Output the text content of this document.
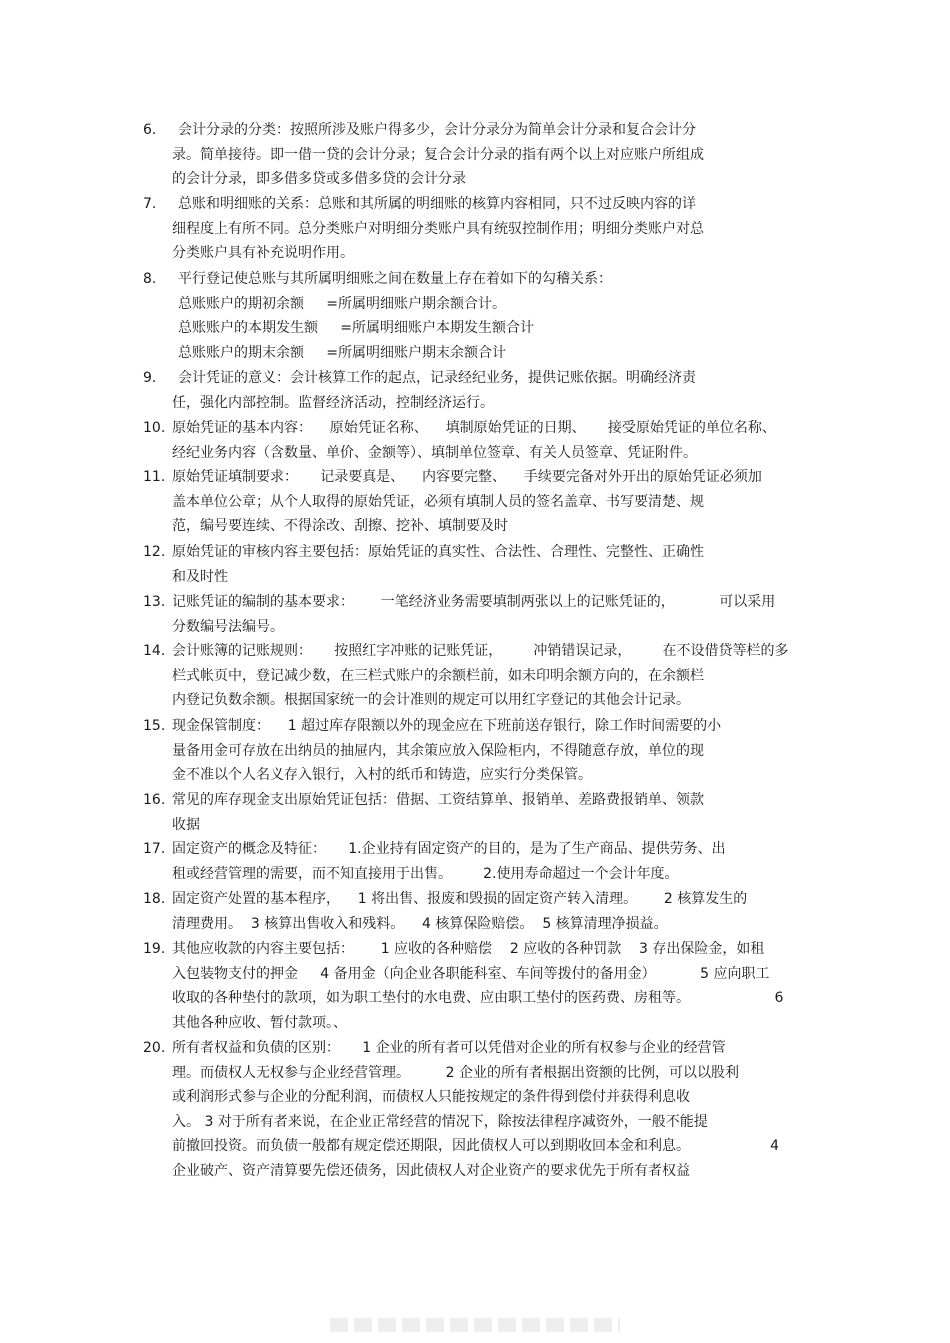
6. 会计分录的分类：按照所涉及账户得多少，会计分录分为简单会计分录和复合会计分
录。简单接待。即一借一贷的会计分录；复合会计分录的指有两个以上对应账户所组成
的会计分录，即多借多贷或多借多贷的会计分录
7. 总账和明细账的关系：总账和其所属的明细账的核算内容相同，只不过反映内容的详
细程度上有所不同。总分类账户对明细分类账户具有统驭控制作用；明细分类账户对总
分类账户具有补充说明作用。
8. 平行登记使总账与其所属明细账之间在数量上存在着如下的勾稽关系：
总账账户的期初余额     =所属明细账户期余额合计。
总账账户的本期发生额     =所属明细账户本期发生额合计
总账账户的期末余额     =所属明细账户期末余额合计
9. 会计凭证的意义：会计核算工作的起点，记录经纪业务，提供记账依据。明确经济责
任，强化内部控制。监督经济活动，控制经济运行。
10. 原始凭证的基本内容：    原始凭证名称、    填制原始凭证的日期、     接受原始凭证的单位名称、
经纪业务内容（含数量、单价、金额等）、填制单位签章、有关人员签章、凭证附件。
11. 原始凭证填制要求：     记录要真是、    内容要完整、    手续要完备对外开出的原始凭证必须加
盖本单位公章；从个人取得的原始凭证，必须有填制人员的签名盖章、书写要清楚、规
范，编号要连续、不得涂改、刮擦、挖补、填制要及时
12. 原始凭证的审核内容主要包括：原始凭证的真实性、合法性、合理性、完整性、正确性
和及时性
13. 记账凭证的编制的基本要求：      一笔经济业务需要填制两张以上的记账凭证的，          可以采用
分数编号法编号。
14. 会计账簿的记账规则：     按照红字冲账的记账凭证，       冲销错误记录，       在不设借贷等栏的多
栏式帐页中，登记减少数，在三栏式账户的余额栏前，如未印明余额方向的，在余额栏
内登记负数余额。根据国家统一的会计准则的规定可以用红字登记的其他会计记录。
15. 现金保管制度：    1 超过库存限额以外的现金应在下班前送存银行，除工作时间需要的小
量备用金可存放在出纳员的抽屉内，其余策应放入保险柜内，不得随意存放，单位的现
金不准以个人名义存入银行，入村的纸币和铸造，应实行分类保管。
16. 常见的库存现金支出原始凭证包括：借据、工资结算单、报销单、差路费报销单、领款
收据
17. 固定资产的概念及特征：     1.企业持有固定资产的目的，是为了生产商品、提供劳务、出
租或经营管理的需要，而不知直接用于出售。       2.使用寿命超过一个会计年度。
18. 固定资产处置的基本程序，    1 将出售、报废和毁损的固定资产转入清理。      2 核算发生的
清理费用。  3 核算出售收入和残料。    4 核算保险赔偿。  5 核算清理净损益。
19. 其他应收款的内容主要包括：      1 应收的各种赔偿    2 应收的各种罚款    3 存出保险金，如租
入包装物支付的押金     4 备用金（向企业各职能科室、车间等拨付的备用金）          5 应向职工
收取的各种垫付的款项，如为职工垫付的水电费、应由职工垫付的医药费、房租等。                   6
其他各种应收、暂付款项。、
20. 所有者权益和负债的区别：     1 企业的所有者可以凭借对企业的所有权参与企业的经营管
理。而债权人无权参与企业经营管理。        2 企业的所有者根据出资额的比例，可以以股利
或利润形式参与企业的分配利润，而债权人只能按规定的条件得到偿付并获得利息收
入。 3 对于所有者来说，在企业正常经营的情况下，除按法律程序减资外，一般不能提
前撤回投资。而负债一般都有规定偿还期限，因此债权人可以到期收回本金和利息。                  4
企业破产、资产清算要先偿还债务，因此债权人对企业资产的要求优先于所有者权益
